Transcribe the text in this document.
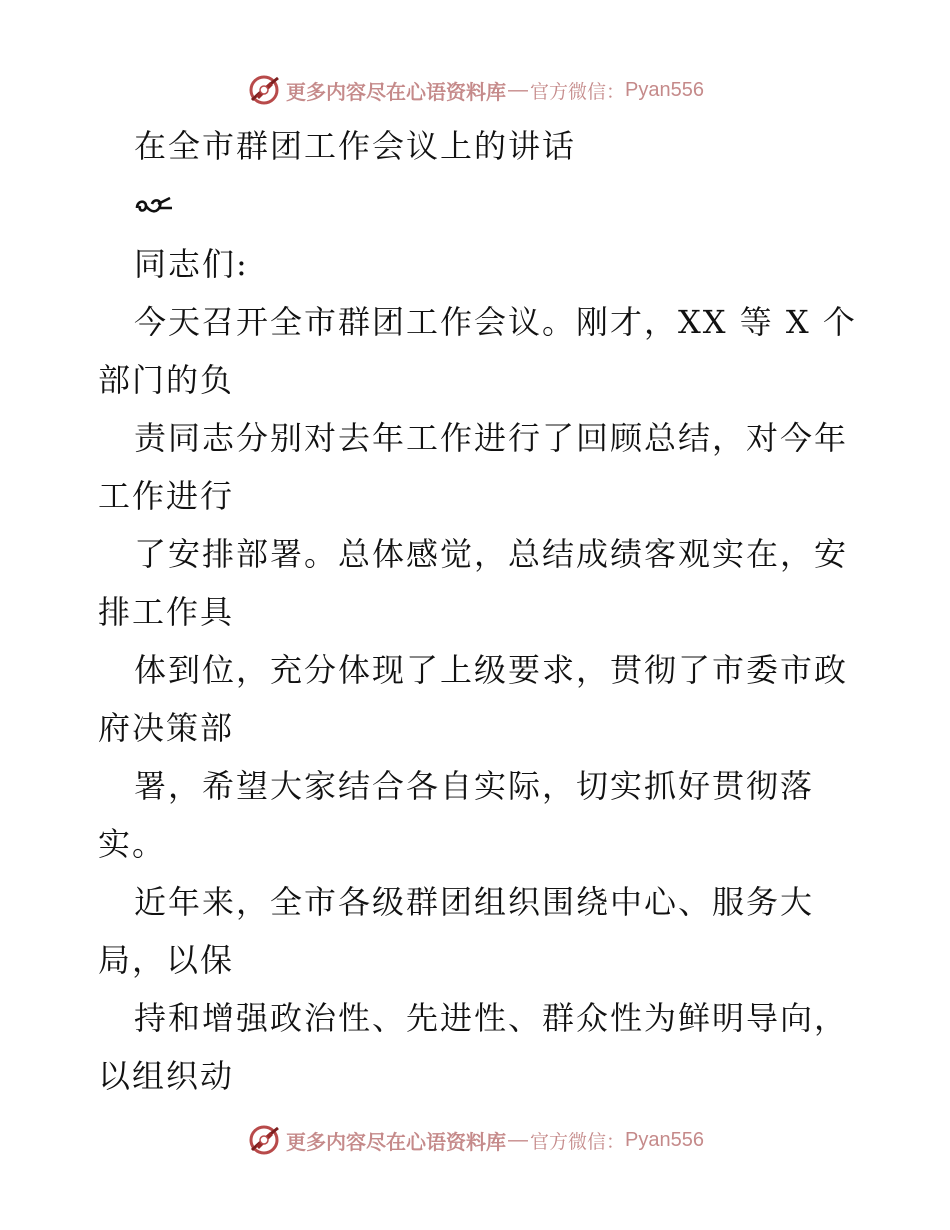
更多内容尽在心语资料库 — 官方微信： Pyan556
在全市群团工作会议上的讲话
同志们:
今天召开全市群团工作会议。刚才，XX 等 X 个
部门的负
责同志分别对去年工作进行了回顾总结，对今年
工作进行
了安排部署。总体感觉，总结成绩客观实在，安
排工作具
体到位，充分体现了上级要求，贯彻了市委市政
府决策部
署，希望大家结合各自实际，切实抓好贯彻落
实。
近年来，全市各级群团组织围绕中心、服务大
局，以保
持和增强政治性、先进性、群众性为鲜明导向，
以组织动
更多内容尽在心语资料库 — 官方微信： Pyan556
